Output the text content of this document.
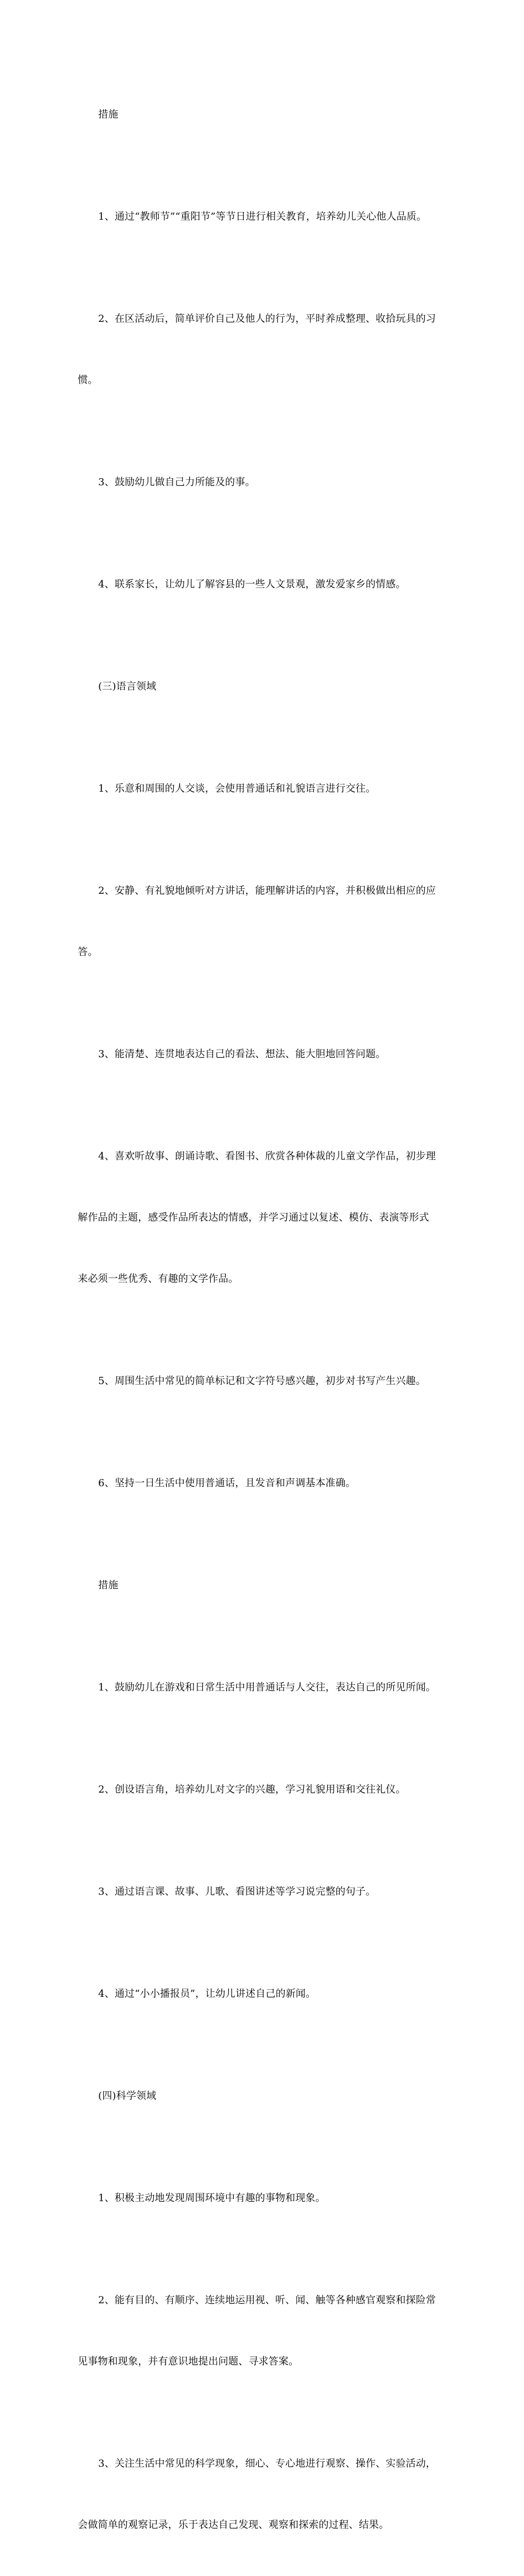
措施

1、通过“教师节”“重阳节”等节日进行相关教育，培养幼儿关心他人品质。

2、在区活动后，简单评价自己及他人的行为，平时养成整理、收拾玩具的习

惯。

3、鼓励幼儿做自己力所能及的事。

4、联系家长，让幼儿了解容县的一些人文景观，激发爱家乡的情感。

(三)语言领域

1、乐意和周围的人交谈，会使用普通话和礼貌语言进行交往。

2、安静、有礼貌地倾听对方讲话，能理解讲话的内容，并积极做出相应的应

答。

3、能清楚、连贯地表达自己的看法、想法、能大胆地回答问题。

4、喜欢听故事、朗诵诗歌、看图书、欣赏各种体裁的儿童文学作品，初步理

解作品的主题，感受作品所表达的情感，并学习通过以复述、模仿、表演等形式

来必须一些优秀、有趣的文学作品。

5、周围生活中常见的简单标记和文字符号感兴趣，初步对书写产生兴趣。

6、坚持一日生活中使用普通话，且发音和声调基本准确。

措施

1、鼓励幼儿在游戏和日常生活中用普通话与人交往，表达自己的所见所闻。

2、创设语言角，培养幼儿对文字的兴趣，学习礼貌用语和交往礼仪。

3、通过语言课、故事、儿歌、看图讲述等学习说完整的句子。

4、通过“小小播报员”，让幼儿讲述自己的新闻。

(四)科学领域

1、积极主动地发现周围环境中有趣的事物和现象。

2、能有目的、有顺序、连续地运用视、听、闻、触等各种感官观察和探险常

见事物和现象，并有意识地提出问题、寻求答案。

3、关注生活中常见的科学现象，细心、专心地进行观察、操作、实验活动，

会做简单的观察记录，乐于表达自己发现、观察和探索的过程、结果。
